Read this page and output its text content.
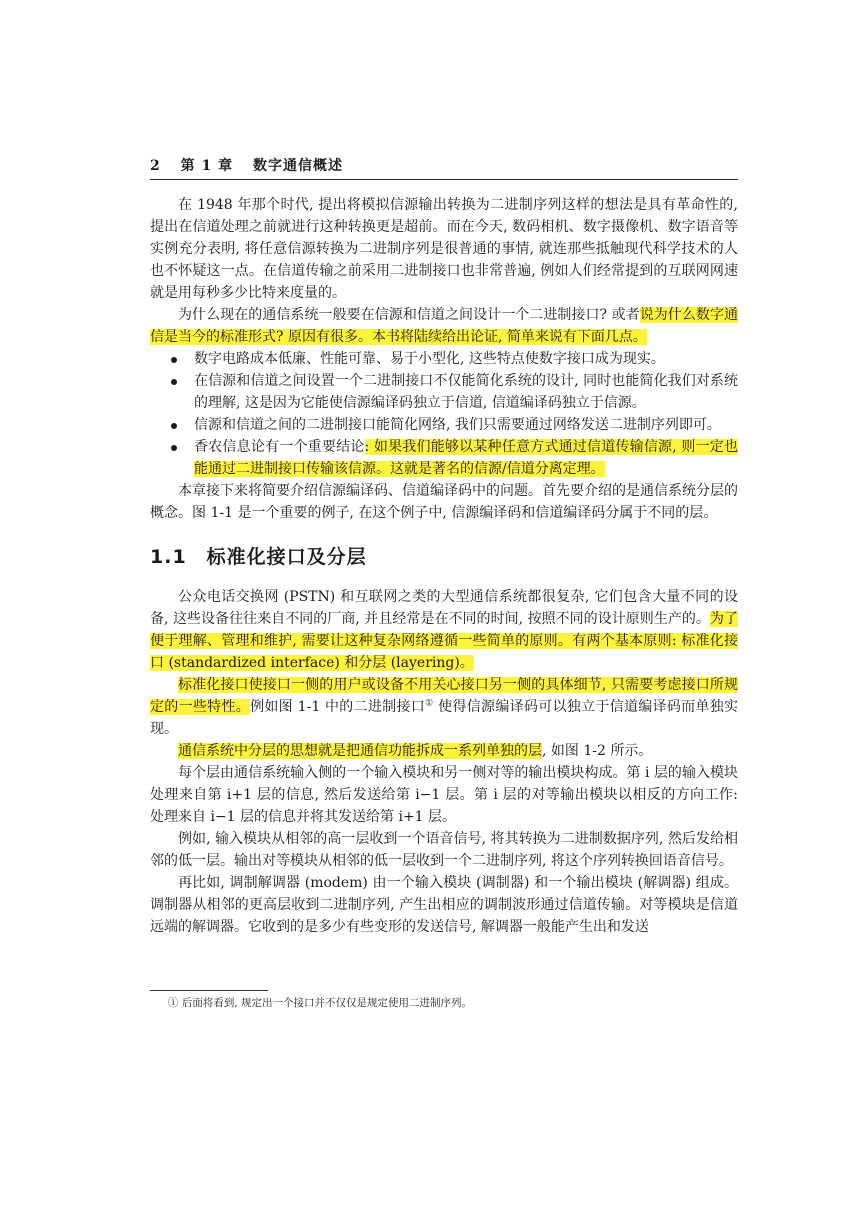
2 第 1 章 数字通信概述

在 1948 年那个时代, 提出将模拟信源输出转换为二进制序列这样的想法是具有革命性的, 提出在信道处理之前就进行这种转换更是超前。而在今天, 数码相机、数字摄像机、数字语音等实例充分表明, 将任意信源转换为二进制序列是很普通的事情, 就连那些抵触现代科学技术的人也不怀疑这一点。在信道传输之前采用二进制接口也非常普遍, 例如人们经常提到的互联网网速就是用每秒多少比特来度量的。

为什么现在的通信系统一般要在信源和信道之间设计一个二进制接口? 或者说为什么数字通信是当今的标准形式? 原因有很多。本书将陆续给出论证, 简单来说有下面几点。

数字电路成本低廉、性能可靠、易于小型化, 这些特点使数字接口成为现实。
在信源和信道之间设置一个二进制接口不仅能简化系统的设计, 同时也能简化我们对系统的理解, 这是因为它能使信源编译码独立于信道, 信道编译码独立于信源。
信源和信道之间的二进制接口能简化网络, 我们只需要通过网络发送二进制序列即可。
香农信息论有一个重要结论: 如果我们能够以某种任意方式通过信道传输信源, 则一定也能通过二进制接口传输该信源。这就是著名的信源/信道分离定理。

本章接下来将简要介绍信源编译码、信道编译码中的问题。首先要介绍的是通信系统分层的概念。图 1-1 是一个重要的例子, 在这个例子中, 信源编译码和信道编译码分属于不同的层。

1.1 标准化接口及分层

公众电话交换网 (PSTN) 和互联网之类的大型通信系统都很复杂, 它们包含大量不同的设备, 这些设备往往来自不同的厂商, 并且经常是在不同的时间, 按照不同的设计原则生产的。为了便于理解、管理和维护, 需要让这种复杂网络遵循一些简单的原则。有两个基本原则: 标准化接口 (standardized interface) 和分层 (layering)。

标准化接口使接口一侧的用户或设备不用关心接口另一侧的具体细节, 只需要考虑接口所规定的一些特性。例如图 1-1 中的二进制接口① 使得信源编译码可以独立于信道编译码而单独实现。

通信系统中分层的思想就是把通信功能拆成一系列单独的层, 如图 1-2 所示。

每个层由通信系统输入侧的一个输入模块和另一侧对等的输出模块构成。第 i 层的输入模块处理来自第 i+1 层的信息, 然后发送给第 i−1 层。第 i 层的对等输出模块以相反的方向工作: 处理来自 i−1 层的信息并将其发送给第 i+1 层。

例如, 输入模块从相邻的高一层收到一个语音信号, 将其转换为二进制数据序列, 然后发给相邻的低一层。输出对等模块从相邻的低一层收到一个二进制序列, 将这个序列转换回语音信号。

再比如, 调制解调器 (modem) 由一个输入模块 (调制器) 和一个输出模块 (解调器) 组成。调制器从相邻的更高层收到二进制序列, 产生出相应的调制波形通过信道传输。对等模块是信道远端的解调器。它收到的是多少有些变形的发送信号, 解调器一般能产生出和发送

① 后面将看到, 规定出一个接口并不仅仅是规定使用二进制序列。
